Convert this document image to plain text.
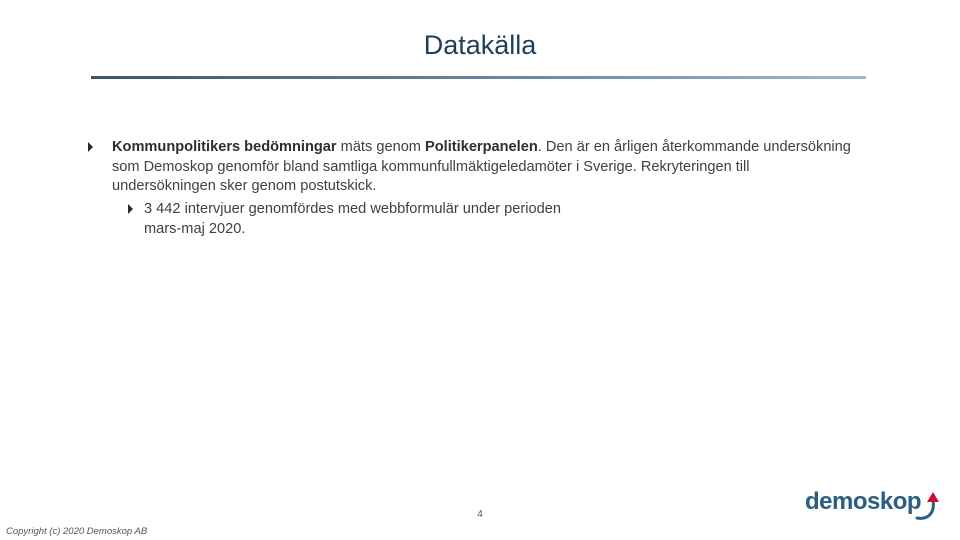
Datakälla
Kommunpolitikers bedömningar mäts genom Politikerpanelen. Den är en årligen återkommande undersökning som Demoskop genomför bland samtliga kommunfullmäktigeledamöter i Sverige. Rekryteringen till undersökningen sker genom postutskick.
3 442 intervjuer genomfördes med webbformulär under perioden mars-maj 2020.
4
Copyright (c) 2020 Demoskop AB
demoskop
